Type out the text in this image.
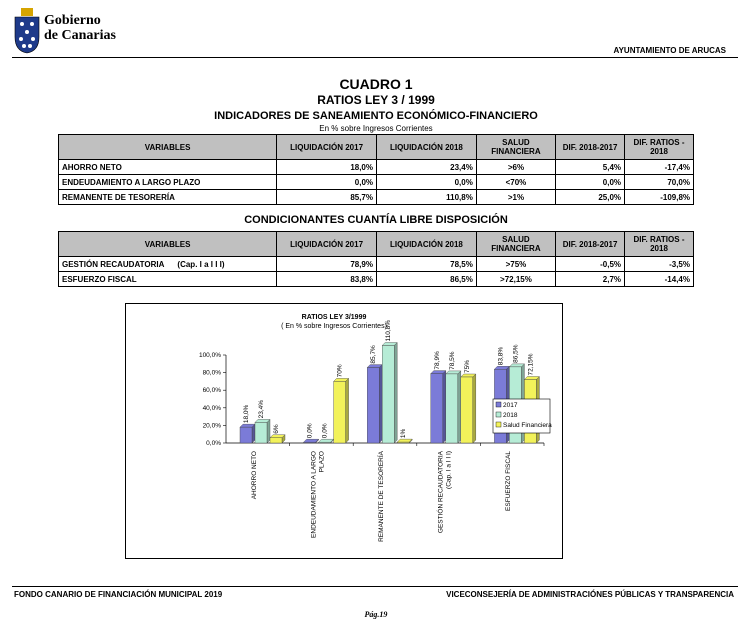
Gobierno
de Canarias
AYUNTAMIENTO DE ARUCAS
CUADRO 1
RATIOS LEY 3 / 1999
INDICADORES DE SANEAMIENTO ECONÓMICO-FINANCIERO
En % sobre Ingresos Corrientes
VARIABLES	LIQUIDACIÓN 2017	LIQUIDACIÓN 2018	SALUD FINANCIERA	DIF. 2018-2017	DIF. RATIOS - 2018
AHORRO NETO	18,0%	23,4%	>6%	5,4%	-17,4%
ENDEUDAMIENTO A LARGO PLAZO	0,0%	0,0%	<70%	0,0%	70,0%
REMANENTE DE TESORERÍA	85,7%	110,8%	>1%	25,0%	-109,8%
CONDICIONANTES CUANTÍA LIBRE DISPOSICIÓN
VARIABLES	LIQUIDACIÓN 2017	LIQUIDACIÓN 2018	SALUD FINANCIERA	DIF. 2018-2017	DIF. RATIOS - 2018
GESTIÓN RECAUDATORIA      (Cap. I a I I I)	78,9%	78,5%	>75%	-0,5%	-3,5%
ESFUERZO FISCAL	83,8%	86,5%	>72,15%	2,7%	-14,4%
RATIOS LEY 3/1999
( En % sobre Ingresos Corrientes)
0,0%
20,0%
40,0%
60,0%
80,0%
100,0%
18,0% 23,4%
6%
AHORRO NETO
0,0% 0,0%
70%
ENDEUDAMIENTO A LARGO PLAZO
85,7%
110,8%
1%
REMANENTE DE TESORERÍA
78,9% 78,5% 75%
GESTIÓN RECAUDATORIA (Cap. I a I I I)
83,8% 86,5% 72,15%
ESFUERZO FISCAL
2017
2018
Salud Financiera
FONDO CANARIO DE FINANCIACIÓN MUNICIPAL 2019	VICECONSEJERÍA DE ADMINISTRACIÓNES PÚBLICAS Y TRANSPARENCIA
Pág.19
